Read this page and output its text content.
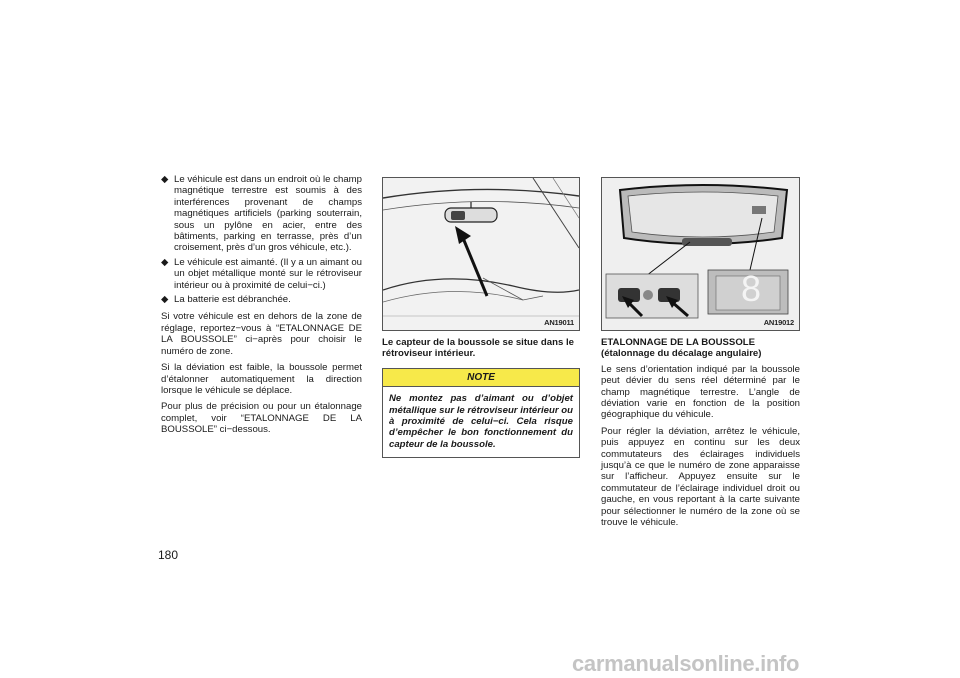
◆ Le véhicule est dans un endroit où le champ magnétique terrestre est soumis à des interférences provenant de champs magnétiques artificiels (parking souterrain, sous un pylône en acier, entre des bâtiments, parking en terrasse, près d’un croisement, près d’un gros véhicule, etc.).
◆ Le véhicule est aimanté. (Il y a un aimant ou un objet métallique monté sur le rétroviseur intérieur ou à proximité de celui−ci.)
◆ La batterie est débranchée.

Si votre véhicule est en dehors de la zone de réglage, reportez−vous à “ETALONNAGE DE LA BOUSSOLE” ci−après pour choisir le numéro de zone.

Si la déviation est faible, la boussole permet d’étalonner automatiquement la direction lorsque le véhicule se déplace.

Pour plus de précision ou pour un étalonnage complet, voir “ETALONNAGE DE LA BOUSSOLE” ci−dessous.

AN19011
Le capteur de la boussole se situe dans le rétroviseur intérieur.
NOTE
Ne montez pas d’aimant ou d’objet métallique sur le rétroviseur intérieur ou à proximité de celui−ci. Cela risque d’empêcher le bon fonctionnement du capteur de la boussole.
8
AN19012
ETALONNAGE DE LA BOUSSOLE (étalonnage du décalage angulaire)

Le sens d’orientation indiqué par la boussole peut dévier du sens réel déterminé par le champ magnétique terrestre. L’angle de déviation varie en fonction de la position géographique du véhicule.

Pour régler la déviation, arrêtez le véhicule, puis appuyez en continu sur les deux commutateurs des éclairages individuels jusqu’à ce que le numéro de zone apparaisse sur l’afficheur. Appuyez ensuite sur le commutateur de l’éclairage individuel droit ou gauche, en vous reportant à la carte suivante pour sélectionner le numéro de la zone où se trouve le véhicule.

180
carmanualsonline.info
